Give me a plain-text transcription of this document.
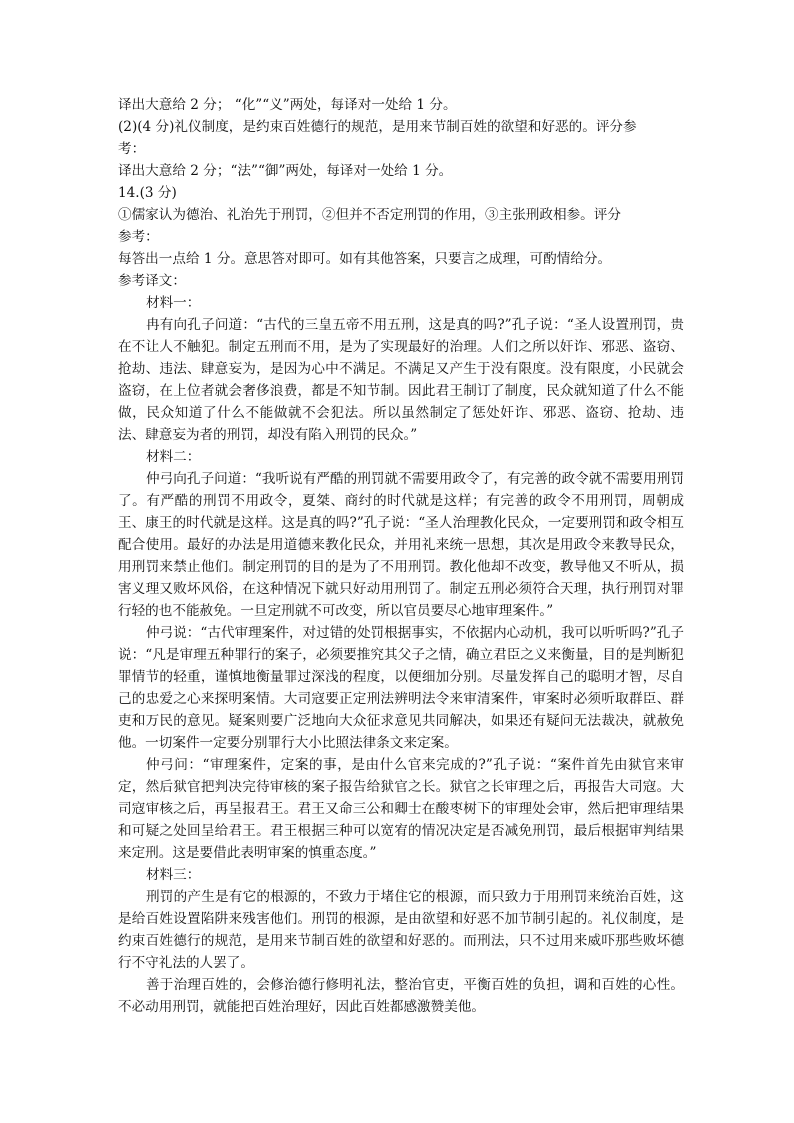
译出大意给 2 分； “化”“义”两处，每译对一处给 1 分。

(2)(4 分)礼仪制度，是约束百姓德行的规范，是用来节制百姓的欲望和好恶的。评分参

考：

译出大意给 2 分；“法”“御”两处，每译对一处给 1 分。

14.(3 分)

①儒家认为德治、礼治先于刑罚，②但并不否定刑罚的作用，③主张刑政相参。评分

参考：

每答出一点给 1 分。意思答对即可。如有其他答案，只要言之成理，可酌情给分。

参考译文：

材料一：

冉有向孔子问道：“古代的三皇五帝不用五刑，这是真的吗?”孔子说：“圣人设置刑罚，贵在不让人不触犯。制定五刑而不用，是为了实现最好的治理。人们之所以奸诈、邪恶、盗窃、抢劫、违法、肆意妄为，是因为心中不满足。不满足又产生于没有限度。没有限度，小民就会盗窃，在上位者就会奢侈浪费，都是不知节制。因此君王制订了制度，民众就知道了什么不能做，民众知道了什么不能做就不会犯法。所以虽然制定了惩处奸诈、邪恶、盗窃、抢劫、违法、肆意妄为者的刑罚，却没有陷入刑罚的民众。”

材料二：

仲弓向孔子问道：“我听说有严酷的刑罚就不需要用政令了，有完善的政令就不需要用刑罚了。有严酷的刑罚不用政令，夏桀、商纣的时代就是这样；有完善的政令不用刑罚，周朝成王、康王的时代就是这样。这是真的吗?”孔子说：“圣人治理教化民众，一定要刑罚和政令相互配合使用。最好的办法是用道德来教化民众，并用礼来统一思想，其次是用政令来教导民众，用刑罚来禁止他们。制定刑罚的目的是为了不用刑罚。教化他却不改变，教导他又不听从，损害义理又败坏风俗，在这种情况下就只好动用刑罚了。制定五刑必须符合天理，执行刑罚对罪行轻的也不能赦免。一旦定刑就不可改变，所以官员要尽心地审理案件。”

仲弓说：“古代审理案件，对过错的处罚根据事实，不依据内心动机，我可以听听吗?”孔子说：“凡是审理五种罪行的案子，必须要推究其父子之情，确立君臣之义来衡量，目的是判断犯罪情节的轻重，谨慎地衡量罪过深浅的程度，以便细加分别。尽量发挥自己的聪明才智，尽自己的忠爱之心来探明案情。大司寇要正定刑法辨明法令来审清案件，审案时必须听取群臣、群吏和万民的意见。疑案则要广泛地向大众征求意见共同解决，如果还有疑问无法裁决，就赦免他。一切案件一定要分别罪行大小比照法律条文来定案。

仲弓问：“审理案件，定案的事，是由什么官来完成的?”孔子说：“案件首先由狱官来审定，然后狱官把判决完待审核的案子报告给狱官之长。狱官之长审理之后，再报告大司寇。大司寇审核之后，再呈报君王。君王又命三公和卿士在酸枣树下的审理处会审，然后把审理结果和可疑之处回呈给君王。君王根据三种可以宽宥的情况决定是否减免刑罚，最后根据审判结果来定刑。这是要借此表明审案的慎重态度。”

材料三：

刑罚的产生是有它的根源的，不致力于堵住它的根源，而只致力于用刑罚来统治百姓，这是给百姓设置陷阱来残害他们。刑罚的根源，是由欲望和好恶不加节制引起的。礼仪制度，是约束百姓德行的规范，是用来节制百姓的欲望和好恶的。而刑法，只不过用来威吓那些败坏德行不守礼法的人罢了。

善于治理百姓的，会修治德行修明礼法，整治官吏，平衡百姓的负担，调和百姓的心性。不必动用刑罚，就能把百姓治理好，因此百姓都感激赞美他。
